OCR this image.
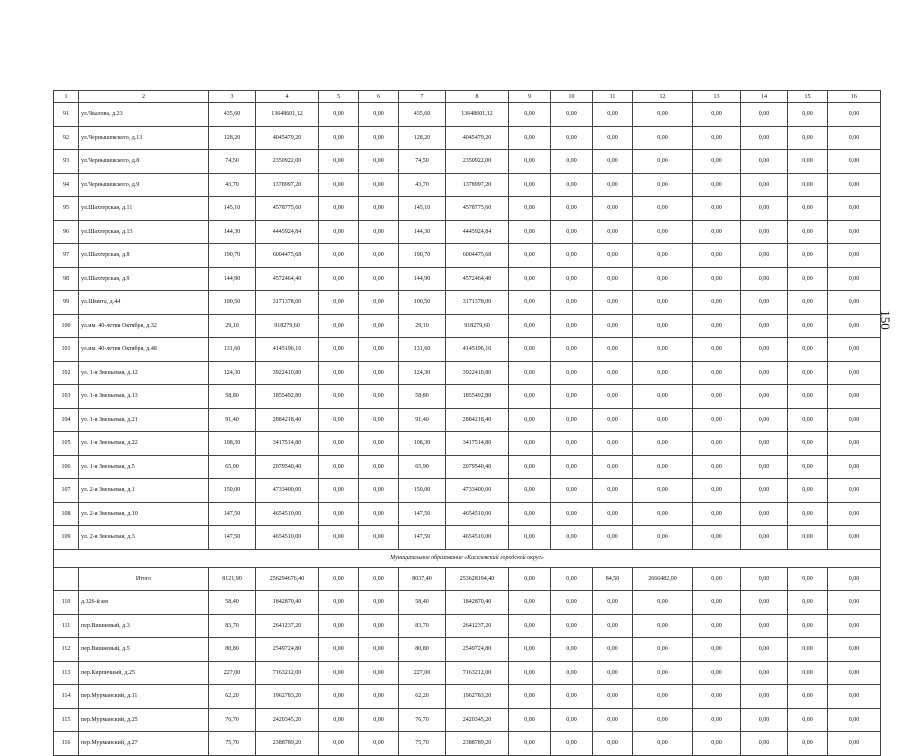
150
1	2	3	4	5	6	7	8	9	10	11	12	13	14	15	16
91	ул.Чкалова, д.23	435,60	13648601,12	0,00	0,00	435,60	13648601,12	0,00	0,00	0,00	0,00	0,00	0,00	0,00	0,00
92	ул.Чернышевского, д.13	128,20	4045479,20	0,00	0,00	128,20	4045479,20	0,00	0,00	0,00	0,00	0,00	0,00	0,00	0,00
93	ул.Чернышевского, д.8	74,50	2350922,00	0,00	0,00	74,50	2350922,00	0,00	0,00	0,00	0,00	0,00	0,00	0,00	0,00
94	ул.Чернышевского, д.9	43,70	1378997,20	0,00	0,00	43,70	1378997,20	0,00	0,00	0,00	0,00	0,00	0,00	0,00	0,00
95	ул.Шахтерская, д.11	145,10	4578775,60	0,00	0,00	145,10	4578775,60	0,00	0,00	0,00	0,00	0,00	0,00	0,00	0,00
96	ул.Шахтерская, д.13	144,30	4445924,84	0,00	0,00	144,30	4445924,84	0,00	0,00	0,00	0,00	0,00	0,00	0,00	0,00
97	ул.Шахтерская, д.8	190,70	6004475,68	0,00	0,00	190,70	6004475,68	0,00	0,00	0,00	0,00	0,00	0,00	0,00	0,00
98	ул.Шахтерская, д.9	144,90	4572464,40	0,00	0,00	144,90	4572464,40	0,00	0,00	0,00	0,00	0,00	0,00	0,00	0,00
99	ул.Шмита, д.44	100,50	3171378,00	0,00	0,00	100,50	3171378,00	0,00	0,00	0,00	0,00	0,00	0,00	0,00	0,00
100	ул.им. 40-летия Октября, д.32	29,10	918279,60	0,00	0,00	29,10	918279,60	0,00	0,00	0,00	0,00	0,00	0,00	0,00	0,00
101	ул.им. 40-летия Октября, д.48	131,60	4145196,16	0,00	0,00	131,60	4145196,16	0,00	0,00	0,00	0,00	0,00	0,00	0,00	0,00
102	ул. 1-я Звеньевая, д.12	124,30	3922410,80	0,00	0,00	124,30	3922410,80	0,00	0,00	0,00	0,00	0,00	0,00	0,00	0,00
103	ул. 1-я Звеньевая, д.13	58,80	1855492,80	0,00	0,00	58,80	1855492,80	0,00	0,00	0,00	0,00	0,00	0,00	0,00	0,00
104	ул. 1-я Звеньевая, д.21	91,40	2884218,40	0,00	0,00	91,40	2884218,40	0,00	0,00	0,00	0,00	0,00	0,00	0,00	0,00
105	ул. 1-я Звеньевая, д.22	108,30	3417514,80	0,00	0,00	108,30	3417514,80	0,00	0,00	0,00	0,00	0,00	0,00	0,00	0,00
106	ул. 1-я Звеньевая, д.5	65,90	2079540,40	0,00	0,00	65,90	2079540,40	0,00	0,00	0,00	0,00	0,00	0,00	0,00	0,00
107	ул. 2-я Звеньевая, д.1	150,00	4733400,00	0,00	0,00	150,00	4733400,00	0,00	0,00	0,00	0,00	0,00	0,00	0,00	0,00
108	ул. 2-я Звеньевая, д.10	147,50	4654510,00	0,00	0,00	147,50	4654510,00	0,00	0,00	0,00	0,00	0,00	0,00	0,00	0,00
109	ул. 2-я Звеньевая, д.3	147,50	4654510,00	0,00	0,00	147,50	4654510,00	0,00	0,00	0,00	0,00	0,00	0,00	0,00	0,00
Муниципальное образование «Киселевский городской округ»															
	Итого	8121,90	256294676,40	0,00	0,00	8037,40	253628194,40	0,00	0,00	84,50	2666482,00	0,00	0,00	0,00	0,00
110	д.326-й км	58,40	1842870,40	0,00	0,00	58,40	1842870,40	0,00	0,00	0,00	0,00	0,00	0,00	0,00	0,00
111	пер.Вишневый, д.3	83,70	2641237,20	0,00	0,00	83,70	2641237,20	0,00	0,00	0,00	0,00	0,00	0,00	0,00	0,00
112	пер.Вишневый, д.5	80,80	2549724,80	0,00	0,00	80,80	2549724,80	0,00	0,00	0,00	0,00	0,00	0,00	0,00	0,00
113	пер.Кирпичный, д.25	227,00	7163212,00	0,00	0,00	227,00	7163212,00	0,00	0,00	0,00	0,00	0,00	0,00	0,00	0,00
114	пер.Мурманский, д.11	62,20	1962783,20	0,00	0,00	62,20	1962783,20	0,00	0,00	0,00	0,00	0,00	0,00	0,00	0,00
115	пер.Мурманский, д.25	76,70	2420345,20	0,00	0,00	76,70	2420345,20	0,00	0,00	0,00	0,00	0,00	0,00	0,00	0,00
116	пер.Мурманский, д.27	75,70	2388789,20	0,00	0,00	75,70	2388789,20	0,00	0,00	0,00	0,00	0,00	0,00	0,00	0,00
